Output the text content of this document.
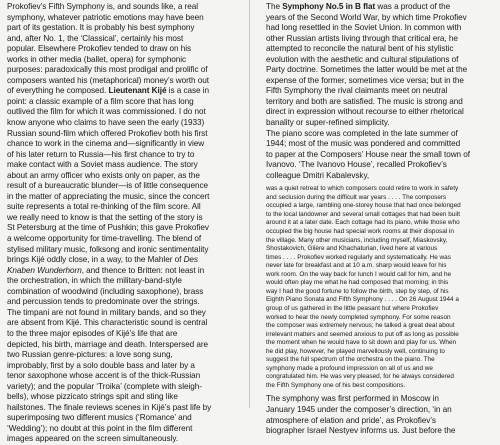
Prokofiev’s Fifth Symphony is, and sounds like, a real
symphony, whatever patriotic emotions may have been
part of its gestation. It is probably his best symphony
and, after No. 1, the ‘Classical’, certainly his most
popular. Elsewhere Prokofiev tended to draw on his
works in other media (ballet, opera) for symphonic
purposes: paradoxically this most prodigal and prolific of
composers wanted his (metaphorical) money’s worth out
of everything he composed. Lieutenant Kijé is a case in
point: a classic example of a film score that has long
outlived the film for which it was commissioned. I do not
know anyone who claims to have seen the early (1933)
Russian sound-film which offered Prokofiev both his first
chance to work in the cinema and—significantly in view
of his later return to Russia—his first chance to try to
make contact with a Soviet mass audience. The story
about an army officer who exists only on paper, as the
result of a bureaucratic blunder—is of little consequence
in the matter of appreciating the music, since the concert
suite represents a total re-thinking of the film score. All
we really need to know is that the setting of the story is
St Petersburg at the time of Pushkin; this gave Prokofiev
a welcome opportunity for time-travelling. The blend of
stylised military music, folksong and ironic sentimentality
brings Kijé oddly close, in a way, to the Mahler of Des
Knaben Wunderhorn, and thence to Britten: not least in
the orchestration, in which the military-band-style
combination of woodwind (including saxophone), brass
and percussion tends to predominate over the strings.
The timpani are not found in military bands, and so they
are absent from Kijé. This characteristic sound is central
to the three major episodes of Kijé’s life that are
depicted, his birth, marriage and death. Interspersed are
two Russian genre-pictures: a love song sung,
improbably, first by a solo double bass and later by a
tenor saxophone whose accent is of the thick-Russian
variety); and the popular ‘Troika’ (complete with sleigh-
bells), whose pizzicato strings spit and sting like
hailstones. The finale reviews scenes in Kijé’s past life by
superimposing two different musics (‘Romance’ and
‘Wedding’); no doubt at this point in the film different
images appeared on the screen simultaneously.
The Symphony No.5 in B flat was a product of the
years of the Second World War, by which time Prokofiev
had long resettled in the Soviet Union. In common with
other Russian artists living through that critical era, he
attempted to reconcile the natural bent of his stylistic
evolution with the aesthetic and cultural stipulations of
Party doctrine. Sometimes the latter would be met at the
expense of the former, sometimes vice versa; but in the
Fifth Symphony the rival claimants meet on neutral
territory and both are satisfied. The music is strong and
direct in expression without recourse to either rhetorical
banality or super-refined simplicity.
The piano score was completed in the late summer of
1944; most of the music was pondered and committed
to paper at the Composers’ House near the small town of
Ivanovo. ‘The Ivanovo House’, recalled Prokofiev’s
colleague Dmitri Kabalevsky,
was a quiet retreat to which composers could retire to work in safety
and seclusion during the difficult war years . . . . The composers
occupied a large, rambling one-storey house that had once belonged
to the local landowner and several small cottages that had been built
around it at a later date. Each cottage had its piano, while those who
occupied the big house had special work rooms at their disposal in
the village. Many other musicians, including myself, Miaskovsky,
Shostakovich, Glière and Khachaturian, lived here at various
times . . . . Prokofiev worked regularly and systematically. He was
never late for breakfast and at 10 a.m. sharp would leave for his
work room. On the way back for lunch I would call for him, and he
would often play me what he had composed that morning; in this
way I had the good fortune to follow the birth, step by step, of his
Eighth Piano Sonata and Fifth Symphony . . . . On 26 August 1944 a
group of us gathered in the little peasant hut where Prokofiev
worked to hear the newly completed symphony. For some reason
the composer was extremely nervous; he talked a great deal about
irrelevant matters and seemed anxious to put off as long as possible
the moment when he would have to sit down and play for us. When
he did play, however, he played marvellously well, continuing to
suggest the full spectrum of the orchestra on the piano. The
symphony made a profound impression on all of us and we
congratulated him. He was very pleased, for he always considered
the Fifth Symphony one of his best compositions.
The symphony was first performed in Moscow in
January 1945 under the composer’s direction, ‘in an
atmosphere of elation and pride’, as Prokofiev’s
biographer Israel Nestyev informs us. Just before the
